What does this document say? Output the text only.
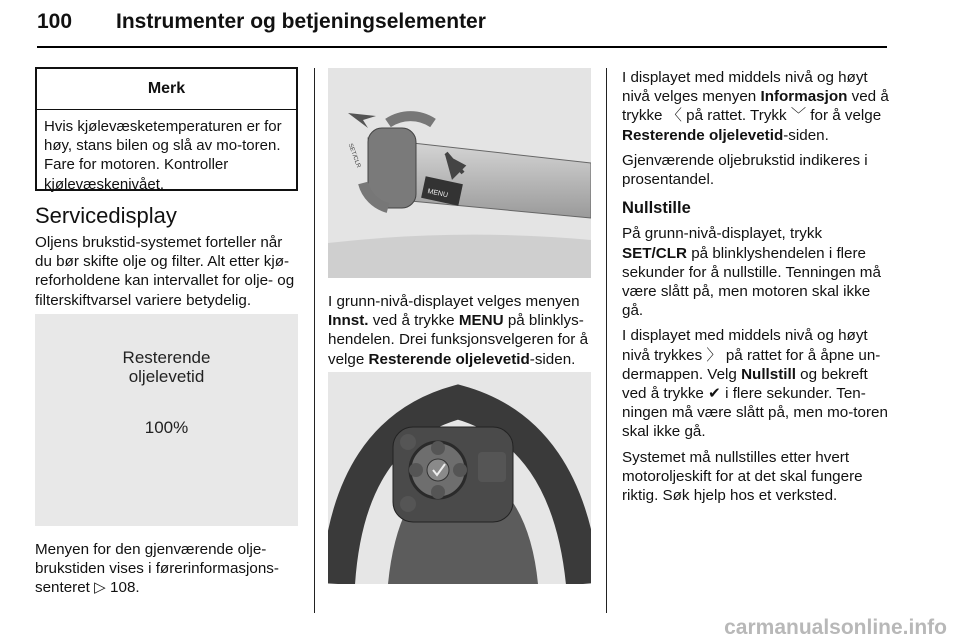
100 Instrumenter og betjeningselementer
Merk
Hvis kjølevæsketemperaturen er for høy, stans bilen og slå av mo-toren. Fare for motoren. Kontroller kjølevæskenivået.
Servicedisplay

Oljens brukstid-systemet forteller når du bør skifte olje og filter. Alt etter kjø-reforholdene kan intervallet for olje- og filterskiftvarsel variere betydelig.

Resterende
oljelevetid
100%

Menyen for den gjenværende olje-brukstiden vises i førerinformasjons-senteret ▷ 108.

MENU
SET/CLR

I grunn-nivå-displayet velges menyen Innst. ved å trykke MENU på blinklys-hendelen. Drei funksjonsvelgeren for å velge Resterende oljelevetid-siden.

I displayet med middels nivå og høyt nivå velges menyen Informasjon ved å trykke 〈 på rattet. Trykk ﹀ for å velge Resterende oljelevetid-siden.

Gjenværende oljebrukstid indikeres i prosentandel.

Nullstille

På grunn-nivå-displayet, trykk SET/CLR på blinklyshendelen i flere sekunder for å nullstille. Tenningen må være slått på, men motoren skal ikke gå.

I displayet med middels nivå og høyt nivå trykkes 〉 på rattet for å åpne un-dermappen. Velg Nullstill og bekreft ved å trykke ✔ i flere sekunder. Ten-ningen må være slått på, men mo-toren skal ikke gå.

Systemet må nullstilles etter hvert motoroljeskift for at det skal fungere riktig. Søk hjelp hos et verksted.

carmanualsonline.info
